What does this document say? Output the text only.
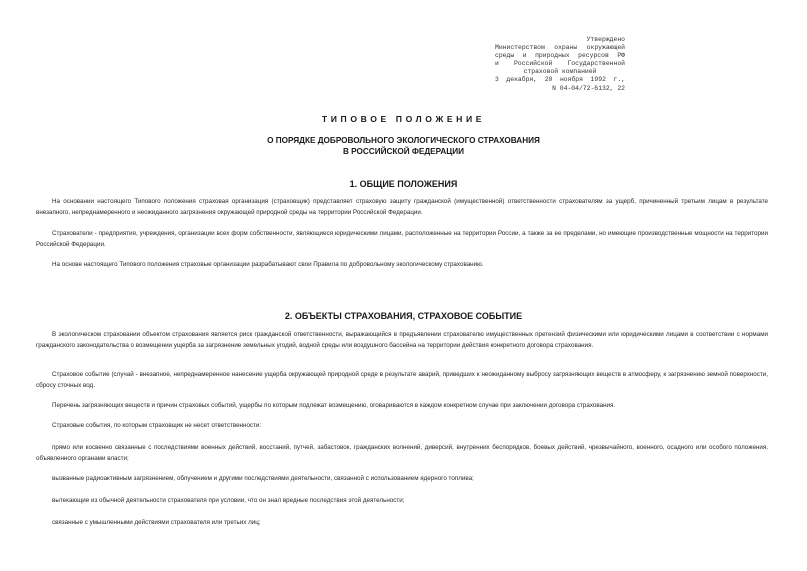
Утверждено
Министерством охраны окружающей
среды и природных ресурсов РФ
и Российской Государственной
страховой компанией
3 декабря, 20 ноября 1992 г.,
N 04-04/72-6132, 22
ТИПОВОЕ ПОЛОЖЕНИЕ
О ПОРЯДКЕ ДОБРОВОЛЬНОГО ЭКОЛОГИЧЕСКОГО СТРАХОВАНИЯ
В РОССИЙСКОЙ ФЕДЕРАЦИИ
1. ОБЩИЕ ПОЛОЖЕНИЯ
На основании настоящего Типового положения страховая организация (страховщик) представляет страховую защиту гражданской (имущественной) ответственности страхователям за ущерб, причиненный третьим лицам в результате внезапного, непреднамеренного и неожиданного загрязнения окружающей природной среды на территории Российской Федерации.
Страхователи - предприятия, учреждения, организации всех форм собственности, являющиеся юридическими лицами, расположенные на территории России, а также за ее пределами, но имеющие производственные мощности на территории Российской Федерации.
На основе настоящего Типового положения страховые организации разрабатывают свои Правила по добровольному экологическому страхованию.
2. ОБЪЕКТЫ СТРАХОВАНИЯ, СТРАХОВОЕ СОБЫТИЕ
В экологическом страховании объектом страхования является риск гражданской ответственности, выражающийся в предъявлении страхователю имущественных претензий физическими или юридическими лицами в соответствии с нормами гражданского законодательства о возмещении ущерба за загрязнение земельных угодий, водной среды или воздушного бассейна на территории действия конкретного договора страхования.
Страховое событие (случай - внезапное, непреднамеренное нанесение ущерба окружающей природной среде в результате аварий, приведших к неожиданному выбросу загрязняющих веществ в атмосферу, к загрязнению земной поверхности, сбросу сточных вод.
Перечень загрязняющих веществ и причин страховых событий, ущербы по которым подлежат возмещению, оговариваются в каждом конкретном случае при заключении договора страхования.
Страховые события, по которым страховщик не несет ответственности:
прямо или косвенно связанные с последствиями военных действий, восстаний, путчей, забастовок, гражданских волнений, диверсий, внутренних беспорядков, боевых действий, чрезвычайного, военного, осадного или особого положения, объявленного органами власти;
вызванные радиоактивным загрязнением, облучением и другими последствиями деятельности, связанной с использованием ядерного топлива;
вытекающие из обычной деятельности страхователя при условии, что он знал вредные последствия этой деятельности;
связанные с умышленными действиями страхователя или третьих лиц;
